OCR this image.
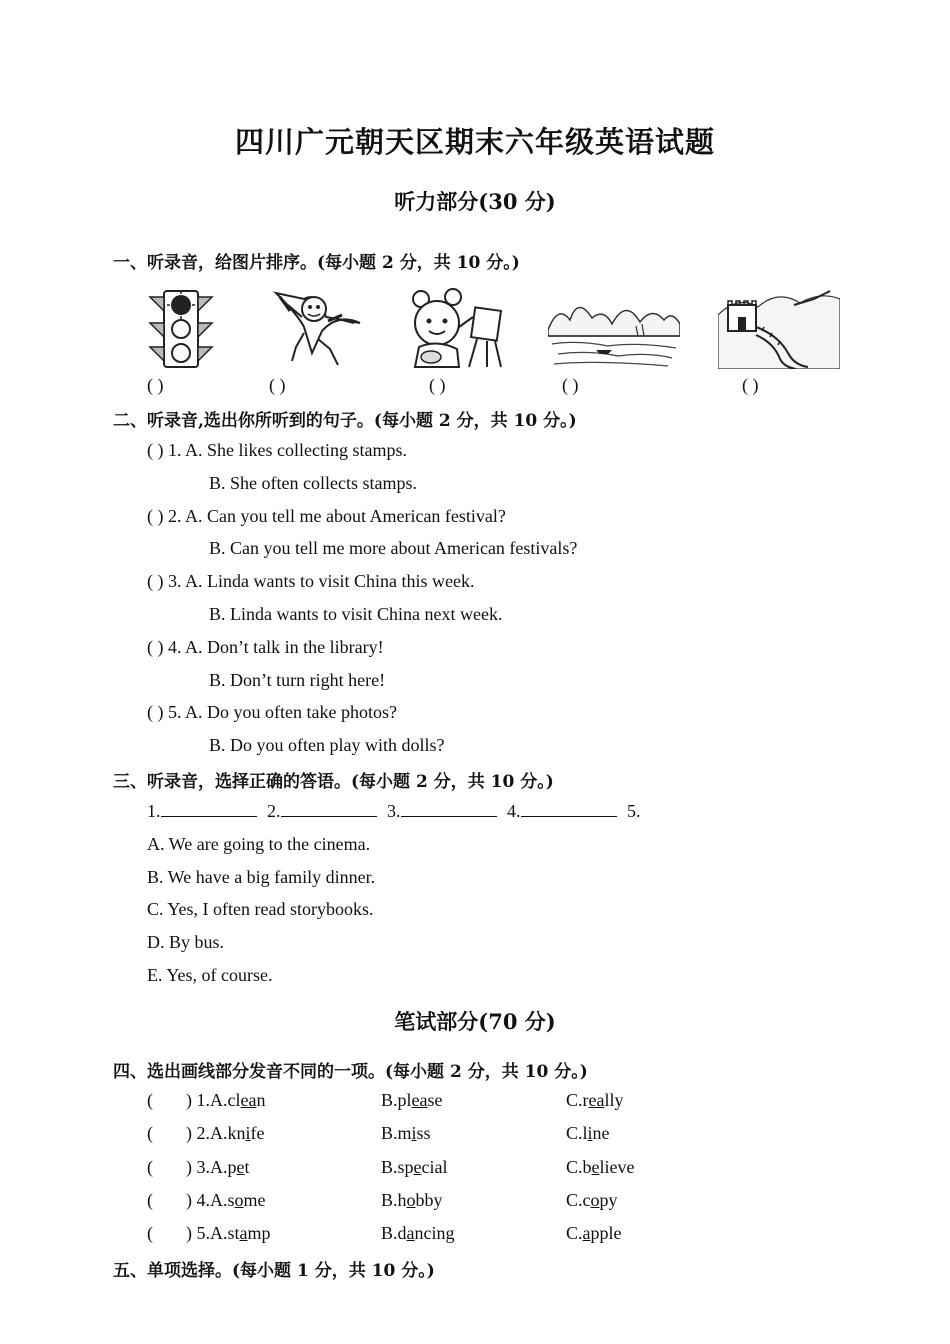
四川广元朝天区期末六年级英语试题
听力部分(30 分)
一、听录音，给图片排序。(每小题 2 分，共 10 分。)
( )	( )	( )	( )	( )
二、听录音,选出你所听到的句子。(每小题 2 分，共 10 分。)
( ) 1. A. She likes collecting stamps.
B. She often collects stamps.
( ) 2. A. Can you tell me about American festival?
B. Can you tell me more about American festivals?
( ) 3. A. Linda wants to visit China this week.
B. Linda wants to visit China next week.
( ) 4. A. Don’t talk in the library!
B. Don’t turn right here!
( ) 5. A. Do you often take photos?
B. Do you often play with dolls?
三、听录音，选择正确的答语。(每小题 2 分，共 10 分。)
1.	2.	3.	4.	5.
A. We are going to the cinema.
B. We have a big family dinner.
C. Yes, I often read storybooks.
D. By bus.
E. Yes, of course.
笔试部分(70 分)
四、选出画线部分发音不同的一项。(每小题 2 分，共 10 分。)
( ) 1.A.clean	B.please	C.really
( ) 2.A.knife	B.miss	C.line
( ) 3.A.pet	B.special	C.believe
( ) 4.A.some	B.hobby	C.copy
( ) 5.A.stamp	B.dancing	C.apple
五、单项选择。(每小题 1 分，共 10 分。)
